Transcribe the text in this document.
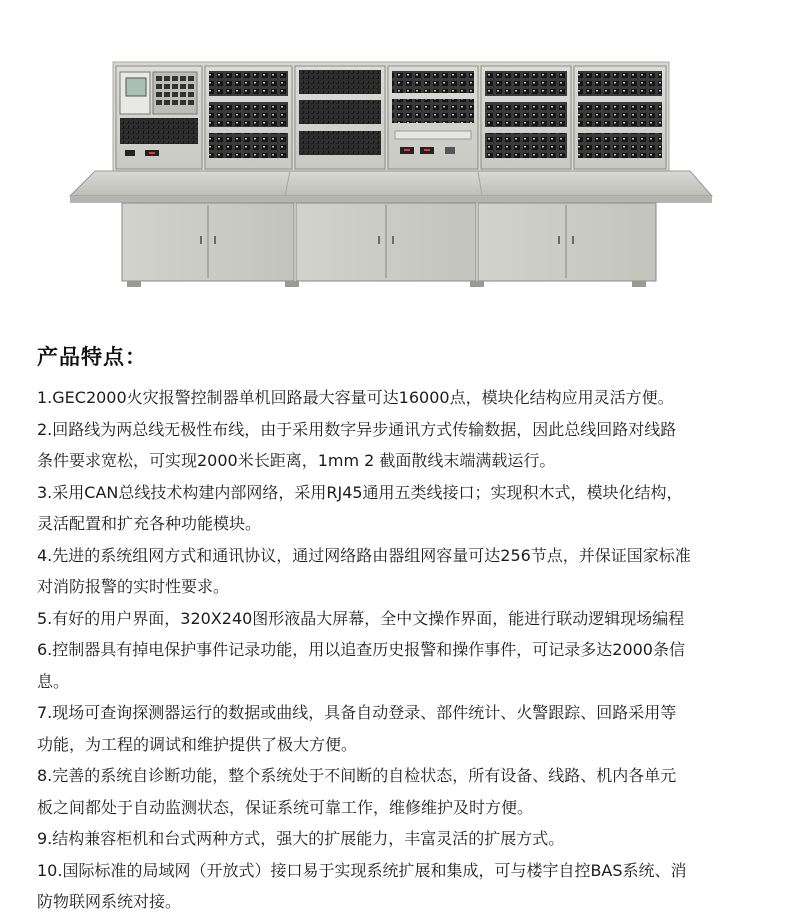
产品特点：
1.GEC2000火灾报警控制器单机回路最大容量可达16000点，模块化结构应用灵活方便。
2.回路线为两总线无极性布线，由于采用数字异步通讯方式传输数据，因此总线回路对线路
条件要求宽松，可实现2000米长距离，1mm 2 截面散线末端满载运行。
3.采用CAN总线技术构建内部网络，采用RJ45通用五类线接口；实现积木式，模块化结构，
灵活配置和扩充各种功能模块。
4.先进的系统组网方式和通讯协议，通过网络路由器组网容量可达256节点，并保证国家标准
对消防报警的实时性要求。
5.有好的用户界面，320X240图形液晶大屏幕，全中文操作界面，能进行联动逻辑现场编程
6.控制器具有掉电保护事件记录功能，用以追查历史报警和操作事件，可记录多达2000条信
息。
7.现场可查询探测器运行的数据或曲线，具备自动登录、部件统计、火警跟踪、回路采用等
功能，为工程的调试和维护提供了极大方便。
8.完善的系统自诊断功能，整个系统处于不间断的自检状态，所有设备、线路、机内各单元
板之间都处于自动监测状态，保证系统可靠工作，维修维护及时方便。
9.结构兼容柜机和台式两种方式，强大的扩展能力，丰富灵活的扩展方式。
10.国际标准的局域网（开放式）接口易于实现系统扩展和集成，可与楼宇自控BAS系统、消
防物联网系统对接。
